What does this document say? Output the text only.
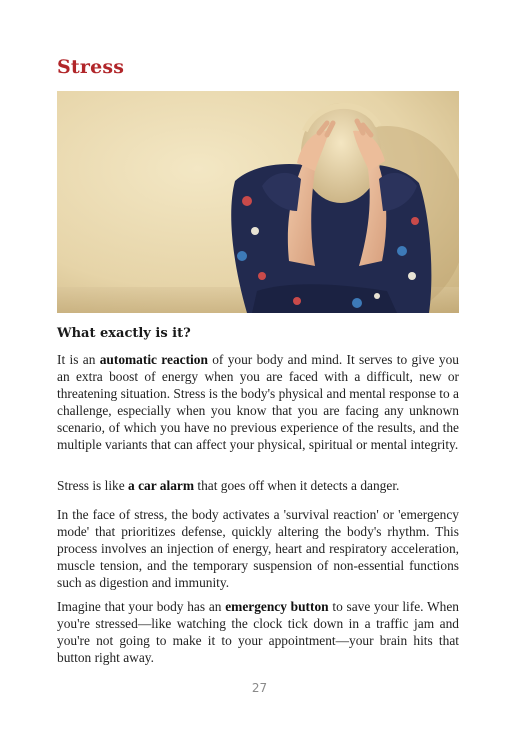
Stress
What exactly is it?

It is an automatic reaction of your body and mind. It serves to give you an extra boost of energy when you are faced with a difficult, new or threatening situation. Stress is the body's physical and mental response to a challenge, especially when you know that you are facing any unknown scenario, of which you have no previous experience of the results, and the multiple variants that can affect your physical, spiritual or mental integrity.

Stress is like a car alarm that goes off when it detects a danger.

In the face of stress, the body activates a 'survival reaction' or 'emergency mode' that prioritizes defense, quickly altering the body's rhythm. This process involves an injection of energy, heart and respiratory acceleration, muscle tension, and the temporary suspension of non-essential functions such as digestion and immunity.

Imagine that your body has an emergency button to save your life. When you're stressed—like watching the clock tick down in a traffic jam and you're not going to make it to your appointment—your brain hits that button right away.

27
